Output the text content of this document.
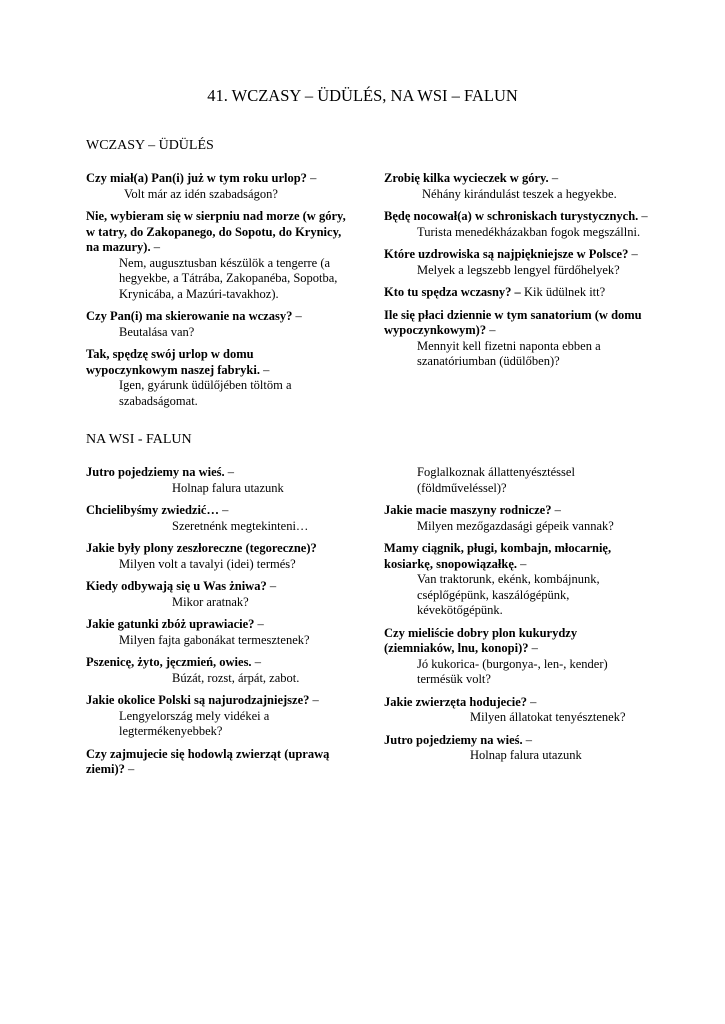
41. WCZASY – ÜDÜLÉS, NA WSI – FALUN
WCZASY – ÜDÜLÉS
Czy miał(a) Pan(i) już w tym roku urlop? –
Volt már az idén szabadságon?
Nie, wybieram się w sierpniu nad morze (w góry, w tatry, do Zakopanego, do Sopotu, do Krynicy, na mazury). –
Nem, augusztusban készülök a tengerre (a hegyekbe, a Tátrába, Zakopanéba, Sopotba, Krynicába, a Mazúri-tavakhoz).
Czy Pan(i) ma skierowanie na wczasy? –
Beutalása van?
Tak, spędzę swój urlop w domu wypoczynkowym naszej fabryki. –
Igen, gyárunk üdülőjében töltöm a szabadságomat.
Zrobię kilka wycieczek w góry. –
Néhány kirándulást teszek a hegyekbe.
Będę nocował(a) w schroniskach turystycznych. –
Turista menedékházakban fogok megszállni.
Które uzdrowiska są najpiękniejsze w Polsce? –
Melyek a legszebb lengyel fürdőhelyek?
Kto tu spędza wczasny? – Kik üdülnek itt?
Ile się płaci dziennie w tym sanatorium (w domu wypoczynkowym)? –
Mennyit kell fizetni naponta ebben a szanatóriumban (üdülőben)?
NA WSI - FALUN
Jutro pojedziemy na wieś. –
Holnap falura utazunk
Chcielibyśmy zwiedzić… –
Szeretnénk megtekinteni…
Jakie były plony zeszłoreczne (tegoreczne)?
Milyen volt a tavalyi (idei) termés?
Kiedy odbywają się u Was żniwa? –
Mikor aratnak?
Jakie gatunki zbóż uprawiacie? –
Milyen fajta gabonákat termesztenek?
Pszenicę, żyto, jęczmień, owies. –
Búzát, rozst, árpát, zabot.
Jakie okolice Polski są najurodzajniejsze? –
Lengyelország mely vidékei a legtermékenyebbek?
Czy zajmujecie się hodowlą zwierząt (uprawą ziemi)? –
Foglalkoznak állattenyésztéssel (földműveléssel)?
Jakie macie maszyny rodnicze? –
Milyen mezőgazdasági gépeik vannak?
Mamy ciągnik, pługi, kombajn, młocarnię, kosiarkę, snopowiązałkę. –
Van traktorunk, ekénk, kombájnunk, cséplőgépünk, kaszálógépünk, kévekötőgépünk.
Czy mieliście dobry plon kukurydzy (ziemniaków, lnu, konopi)? –
Jó kukorica- (burgonya-, len-, kender) termésük volt?
Jakie zwierzęta hodujecie? –
Milyen állatokat tenyésztenek?
Jutro pojedziemy na wieś. –
Holnap falura utazunk
